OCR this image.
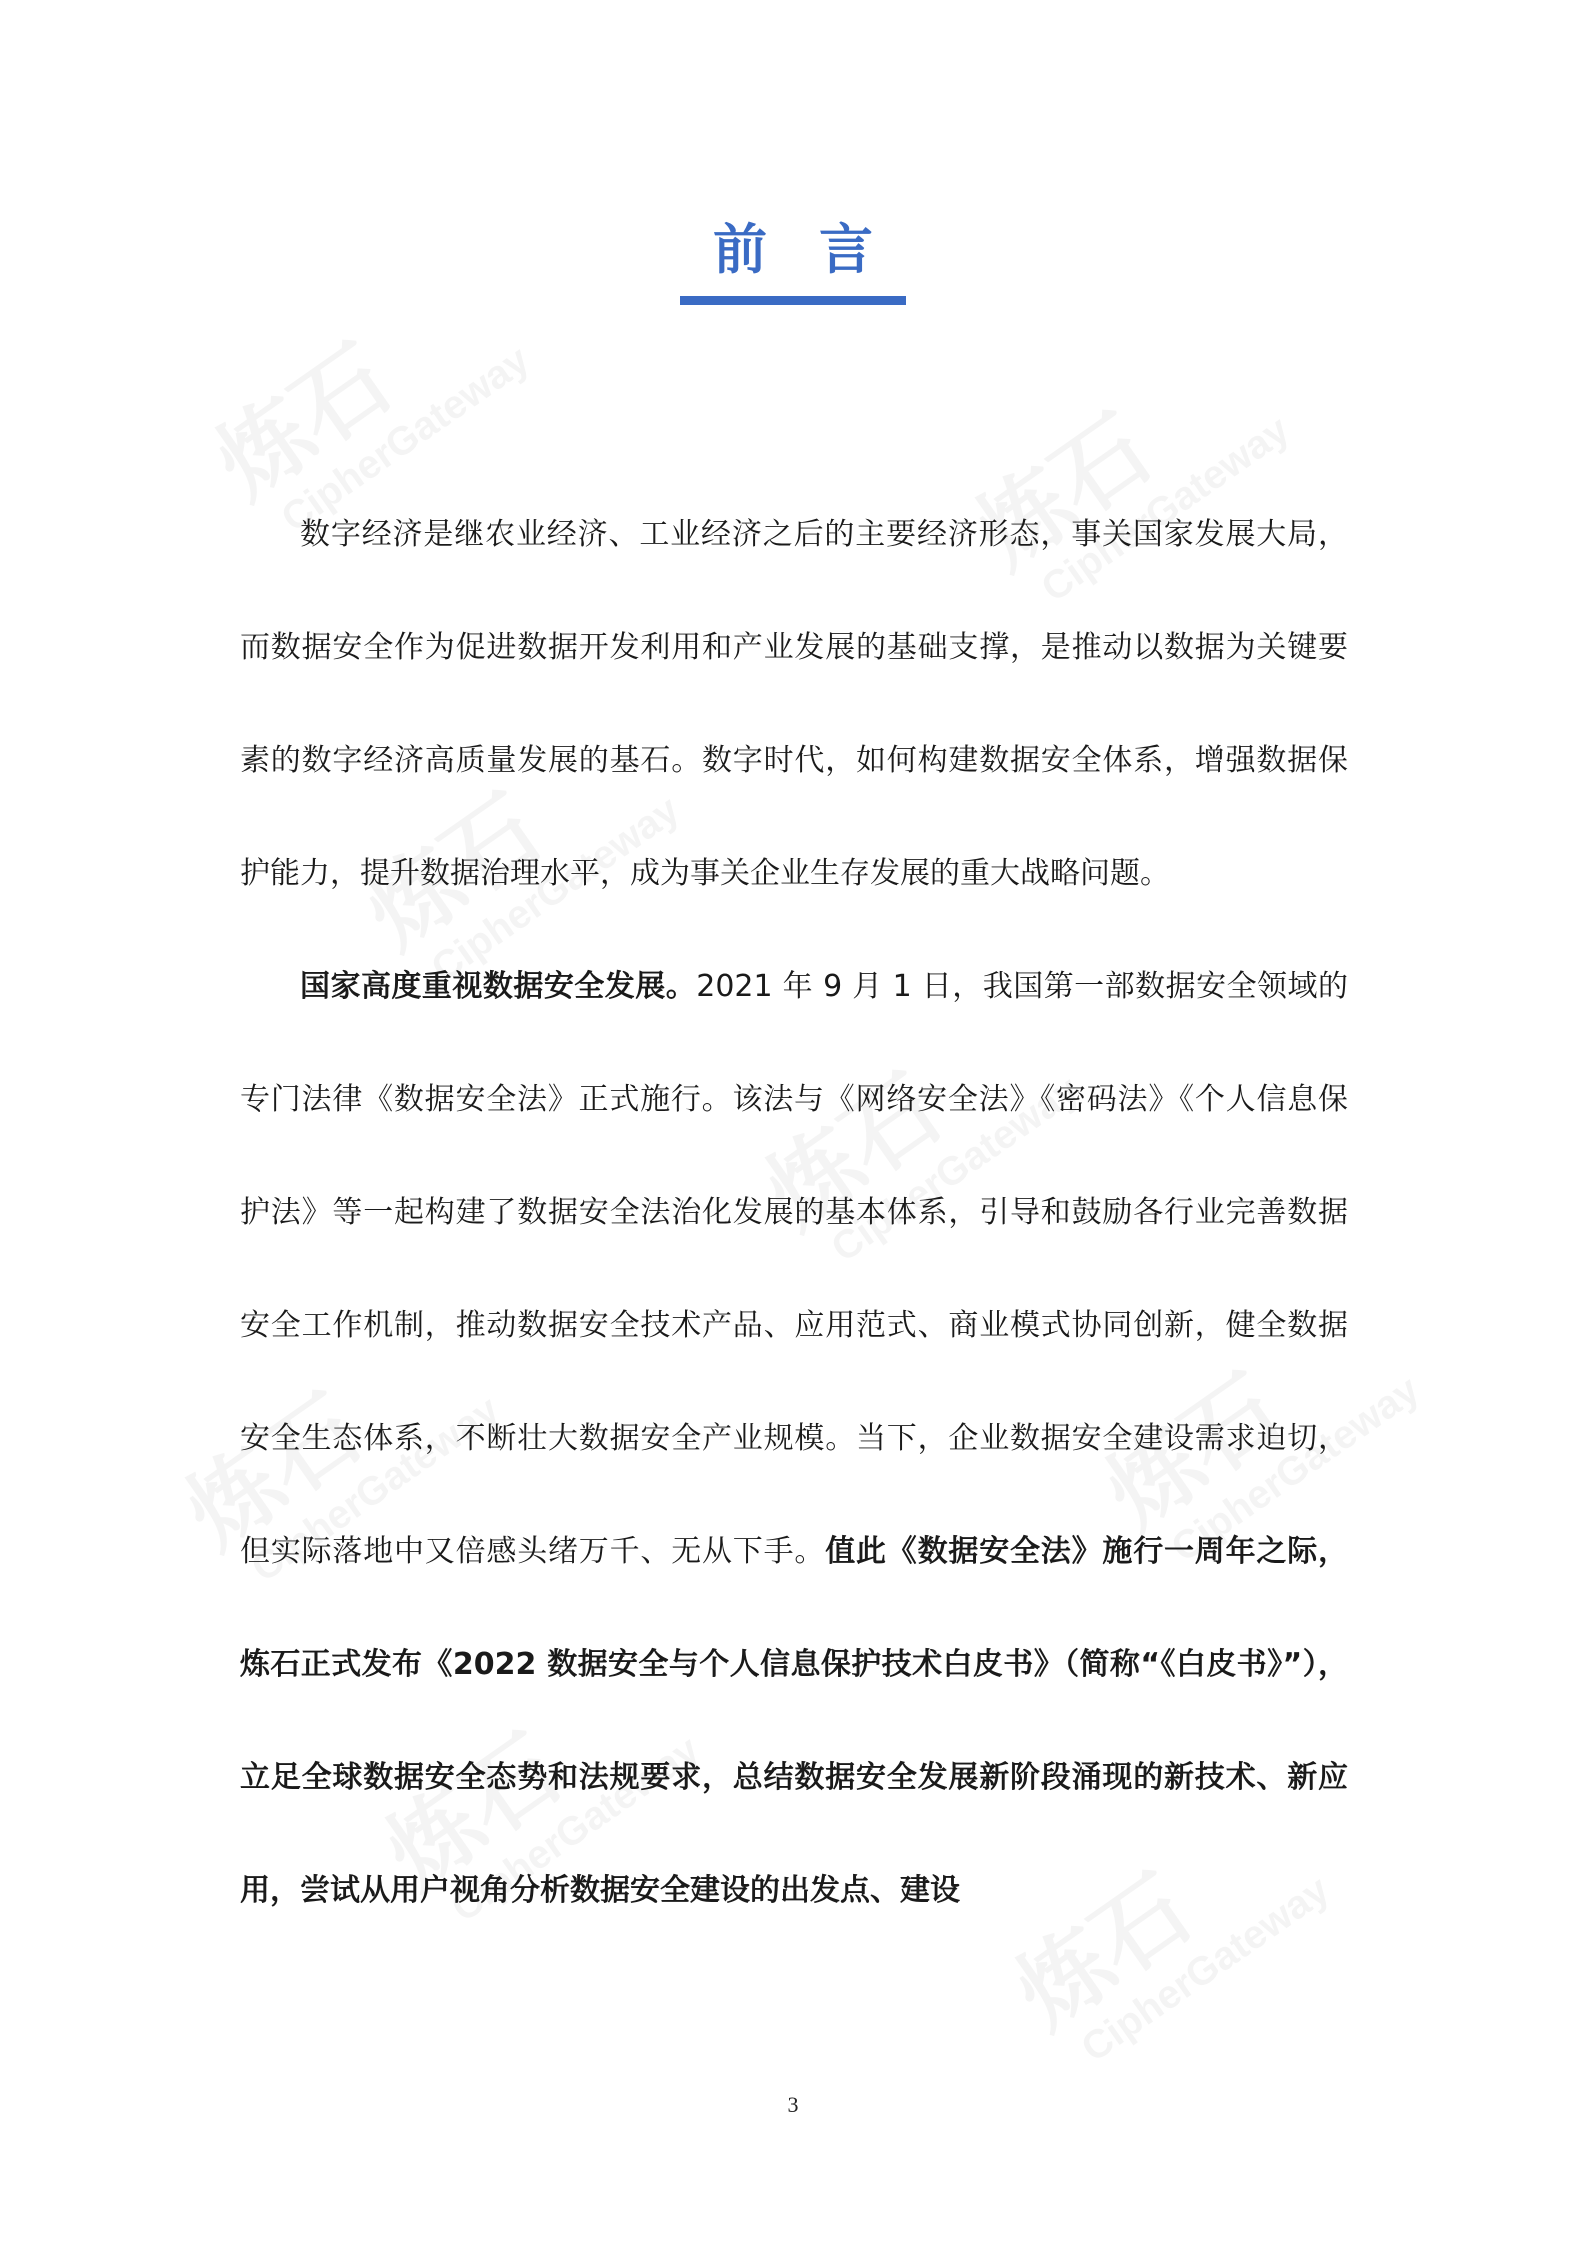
前言

数字经济是继农业经济、工业经济之后的主要经济形态，事关国家发展大局，而数据安全作为促进数据开发利用和产业发展的基础支撑，是推动以数据为关键要素的数字经济高质量发展的基石。数字时代，如何构建数据安全体系，增强数据保护能力，提升数据治理水平，成为事关企业生存发展的重大战略问题。

国家高度重视数据安全发展。2021 年 9 月 1 日，我国第一部数据安全领域的专门法律《数据安全法》正式施行。该法与《网络安全法》《密码法》《个人信息保护法》等一起构建了数据安全法治化发展的基本体系，引导和鼓励各行业完善数据安全工作机制，推动数据安全技术产品、应用范式、商业模式协同创新，健全数据安全生态体系，不断壮大数据安全产业规模。当下，企业数据安全建设需求迫切，但实际落地中又倍感头绪万千、无从下手。值此《数据安全法》施行一周年之际，炼石正式发布《2022 数据安全与个人信息保护技术白皮书》（简称“《白皮书》”），立足全球数据安全态势和法规要求，总结数据安全发展新阶段涌现的新技术、新应用，尝试从用户视角分析数据安全建设的出发点、建设

3
